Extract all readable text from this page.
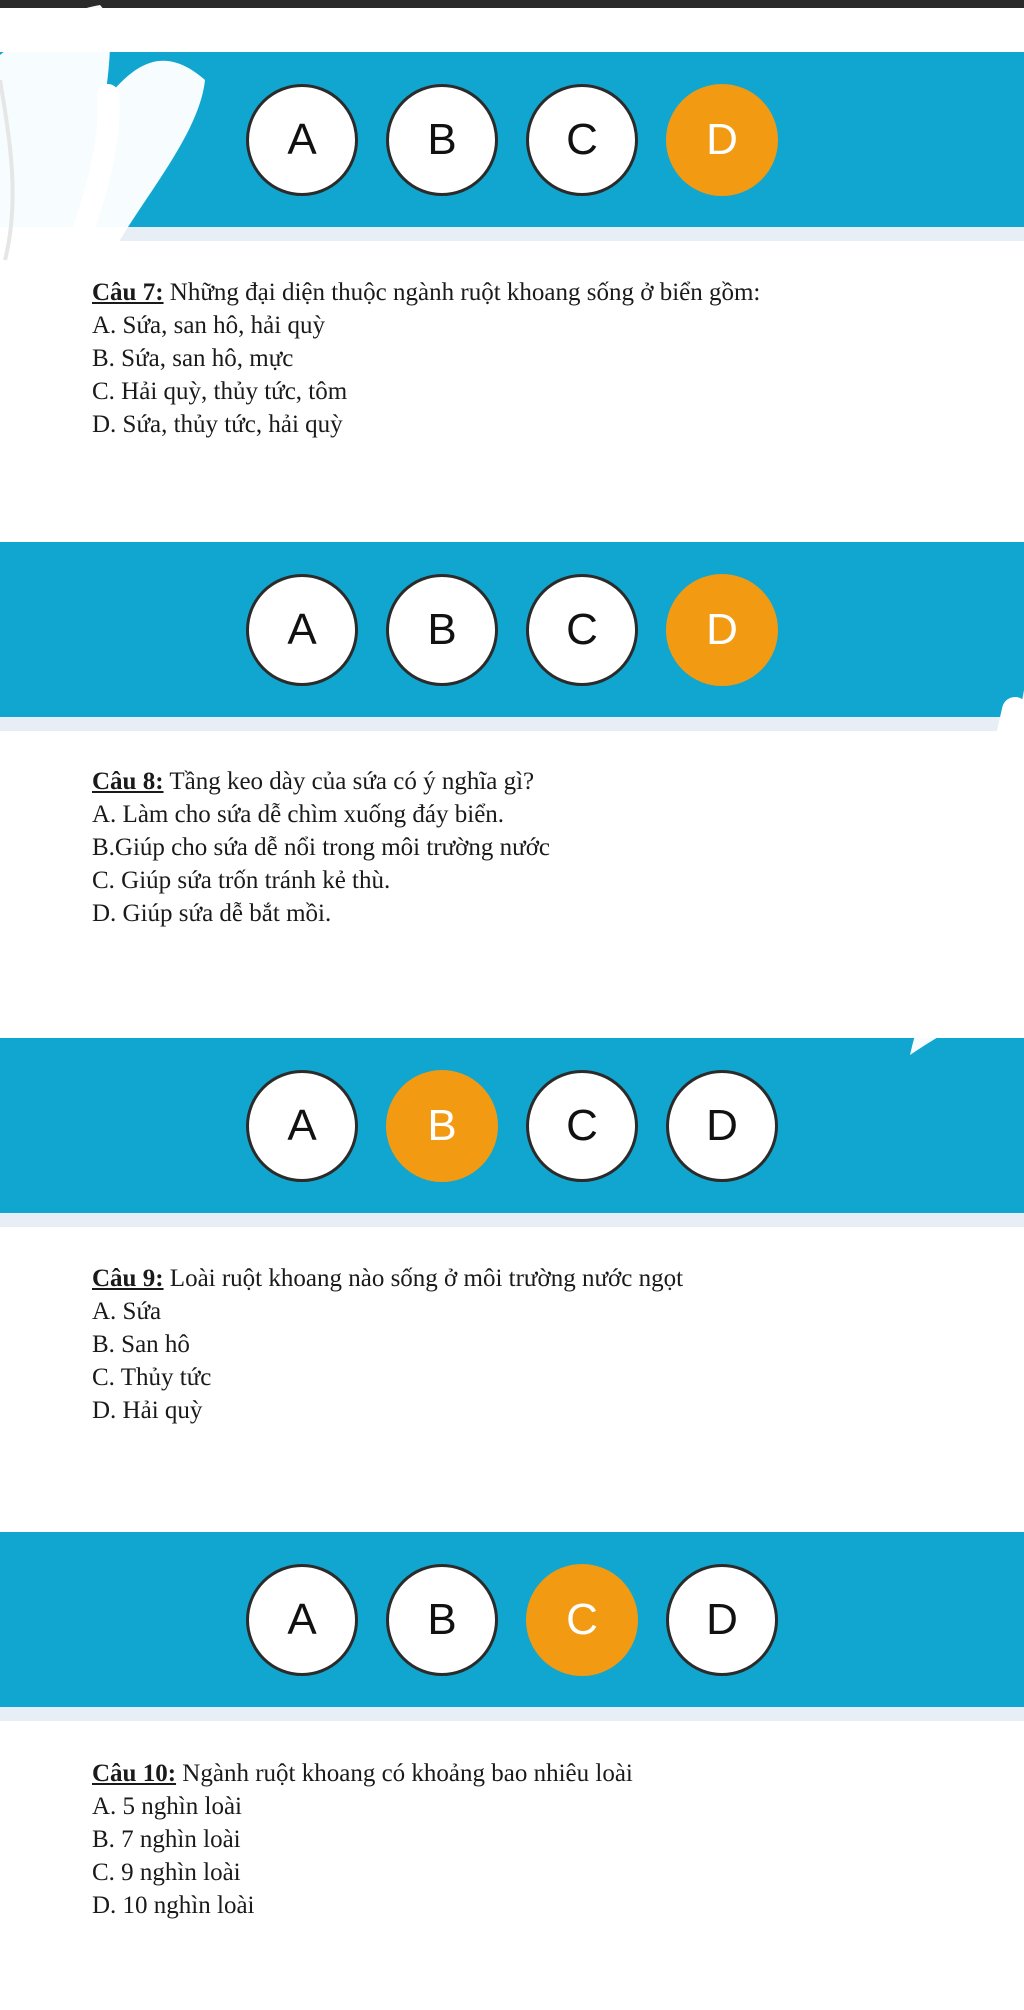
A	B	C	D

Câu 7: Những đại diện thuộc ngành ruột khoang sống ở biển gồm:

A. Sứa, san hô, hải quỳ

B. Sứa, san hô, mực

C. Hải quỳ, thủy tức, tôm

D. Sứa, thủy tức, hải quỳ

A	B	C	D

Câu 8: Tầng keo dày của sứa có ý nghĩa gì?

A. Làm cho sứa dễ chìm xuống đáy biển.

B.Giúp cho sứa dễ nổi trong môi trường nước

C. Giúp sứa trốn tránh kẻ thù.

D. Giúp sứa dễ bắt mồi.

A	B	C	D

Câu 9: Loài ruột khoang nào sống ở môi trường nước ngọt

A. Sứa

B. San hô

C. Thủy tức

D. Hải quỳ

A	B	C	D

Câu 10: Ngành ruột khoang có khoảng bao nhiêu loài

A. 5 nghìn loài

B. 7 nghìn loài

C. 9 nghìn loài

D. 10 nghìn loài
